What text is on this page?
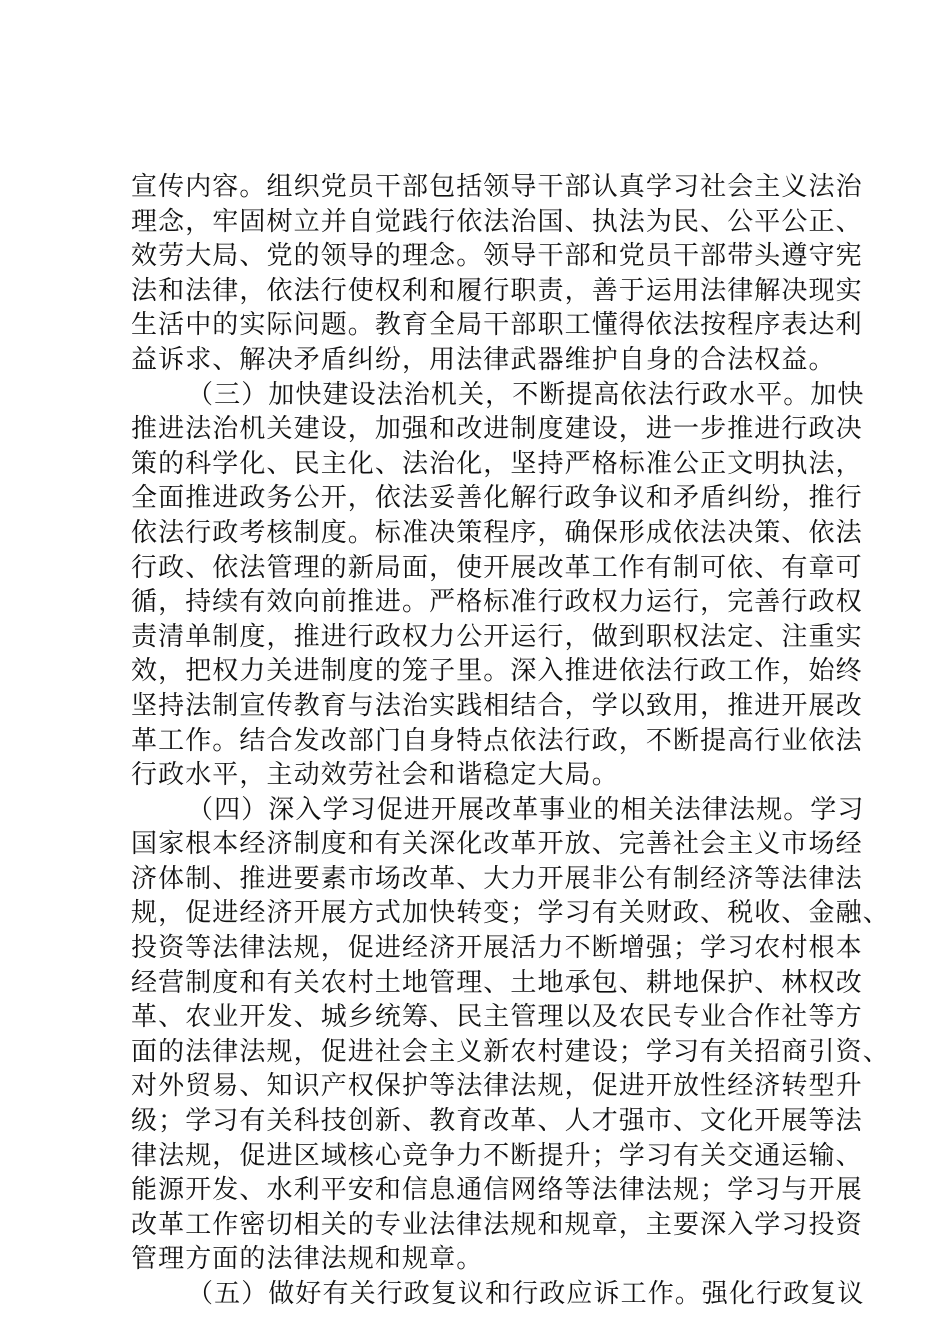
宣传内容。组织党员干部包括领导干部认真学习社会主义法治
理念，牢固树立并自觉践行依法治国、执法为民、公平公正、
效劳大局、党的领导的理念。领导干部和党员干部带头遵守宪
法和法律，依法行使权利和履行职责，善于运用法律解决现实
生活中的实际问题。教育全局干部职工懂得依法按程序表达利
益诉求、解决矛盾纠纷，用法律武器维护自身的合法权益。
（三）加快建设法治机关，不断提高依法行政水平。加快
推进法治机关建设，加强和改进制度建设，进一步推进行政决
策的科学化、民主化、法治化，坚持严格标准公正文明执法，
全面推进政务公开，依法妥善化解行政争议和矛盾纠纷，推行
依法行政考核制度。标准决策程序，确保形成依法决策、依法
行政、依法管理的新局面，使开展改革工作有制可依、有章可
循，持续有效向前推进。严格标准行政权力运行，完善行政权
责清单制度，推进行政权力公开运行，做到职权法定、注重实
效，把权力关进制度的笼子里。深入推进依法行政工作，始终
坚持法制宣传教育与法治实践相结合，学以致用，推进开展改
革工作。结合发改部门自身特点依法行政，不断提高行业依法
行政水平，主动效劳社会和谐稳定大局。
（四）深入学习促进开展改革事业的相关法律法规。学习
国家根本经济制度和有关深化改革开放、完善社会主义市场经
济体制、推进要素市场改革、大力开展非公有制经济等法律法
规，促进经济开展方式加快转变；学习有关财政、税收、金融、
投资等法律法规，促进经济开展活力不断增强；学习农村根本
经营制度和有关农村土地管理、土地承包、耕地保护、林权改
革、农业开发、城乡统筹、民主管理以及农民专业合作社等方
面的法律法规，促进社会主义新农村建设；学习有关招商引资、
对外贸易、知识产权保护等法律法规，促进开放性经济转型升
级；学习有关科技创新、教育改革、人才强市、文化开展等法
律法规，促进区域核心竞争力不断提升；学习有关交通运输、
能源开发、水利平安和信息通信网络等法律法规；学习与开展
改革工作密切相关的专业法律法规和规章，主要深入学习投资
管理方面的法律法规和规章。
（五）做好有关行政复议和行政应诉工作。强化行政复议
